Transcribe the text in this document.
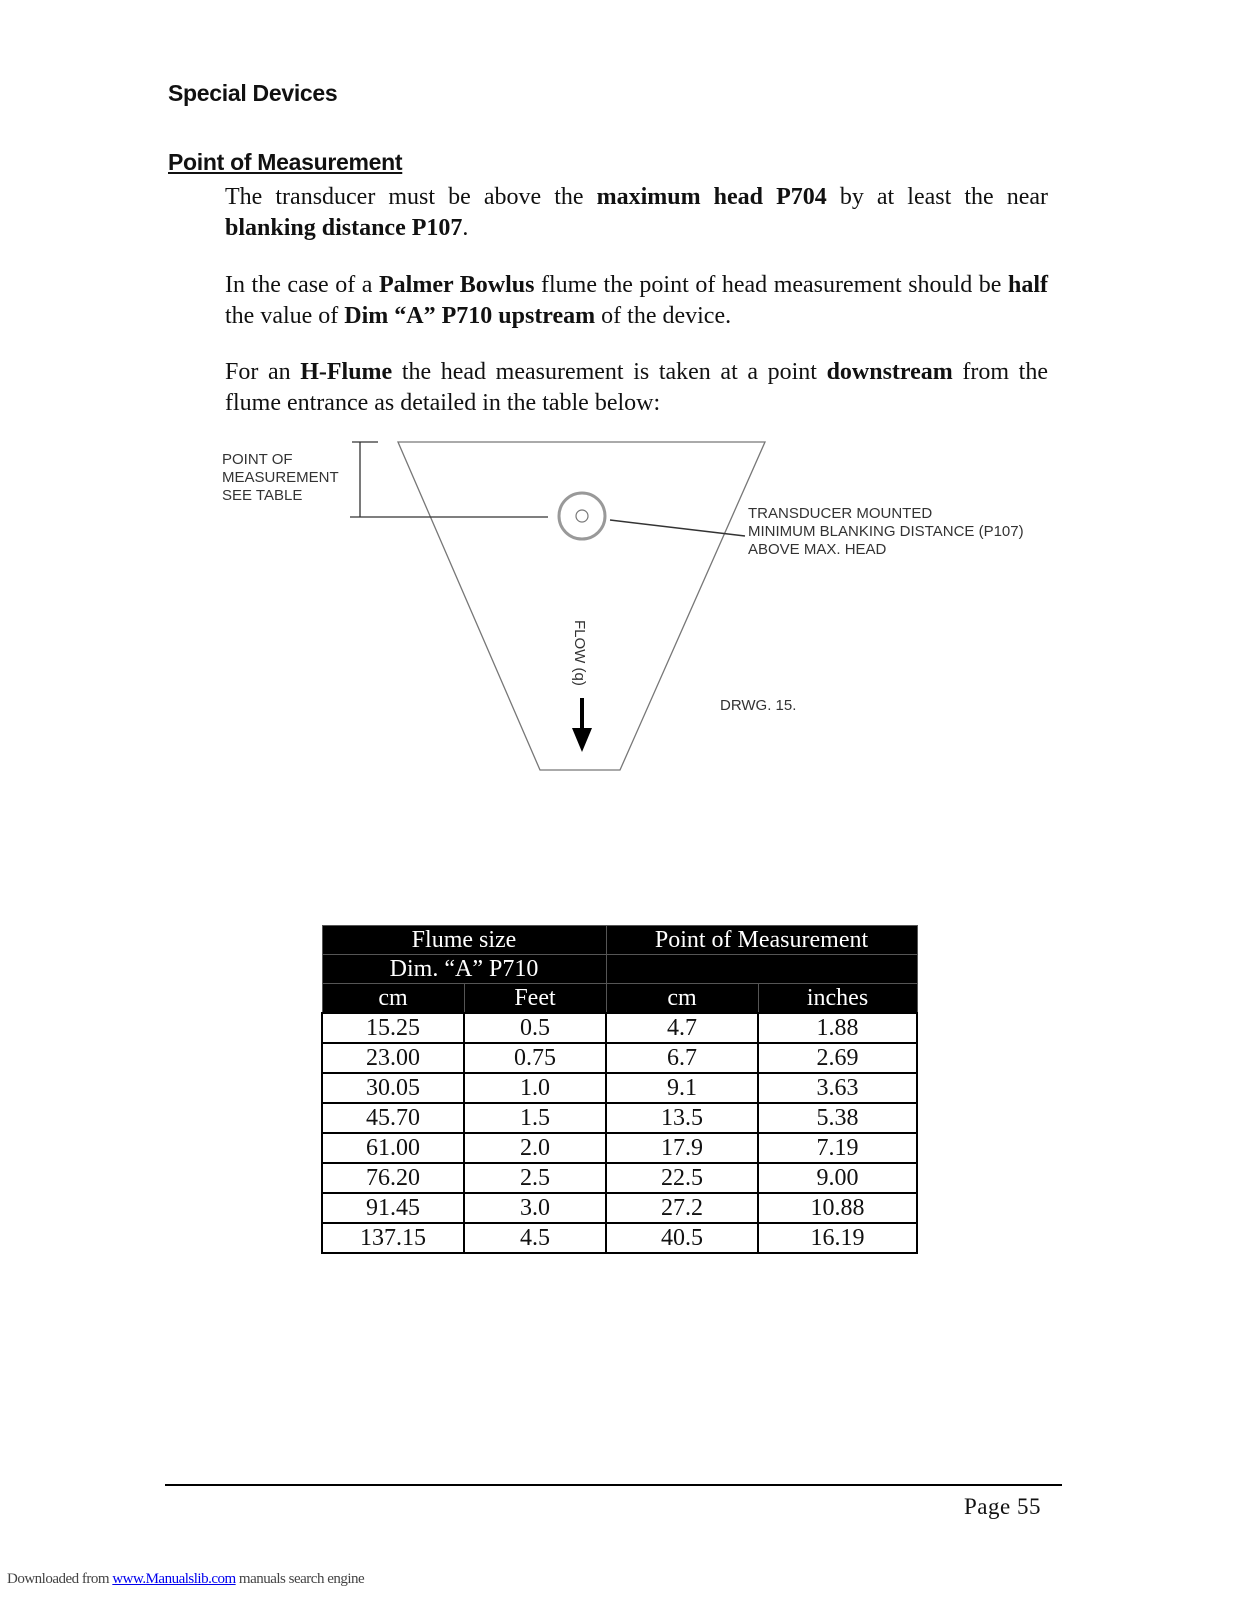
Special Devices
Point of Measurement

The transducer must be above the maximum head P704 by at least the near blanking distance P107.

In the case of a Palmer Bowlus flume the point of head measurement should be half the value of Dim “A” P710 upstream of the device.

For an H-Flume the head measurement is taken at a point downstream from the flume entrance as detailed in the table below:

POINT OF
MEASUREMENT
SEE TABLE
TRANSDUCER MOUNTED
MINIMUM BLANKING DISTANCE (P107)
ABOVE MAX. HEAD
FLOW (q)
DRWG. 15.
Flume size		Point of Measurement	
Dim. “A” P710			
cm	Feet	cm	inches
15.25	0.5	4.7	1.88
23.00	0.75	6.7	2.69
30.05	1.0	9.1	3.63
45.70	1.5	13.5	5.38
61.00	2.0	17.9	7.19
76.20	2.5	22.5	9.00
91.45	3.0	27.2	10.88
137.15	4.5	40.5	16.19
Page 55
Downloaded from www.Manualslib.com manuals search engine
